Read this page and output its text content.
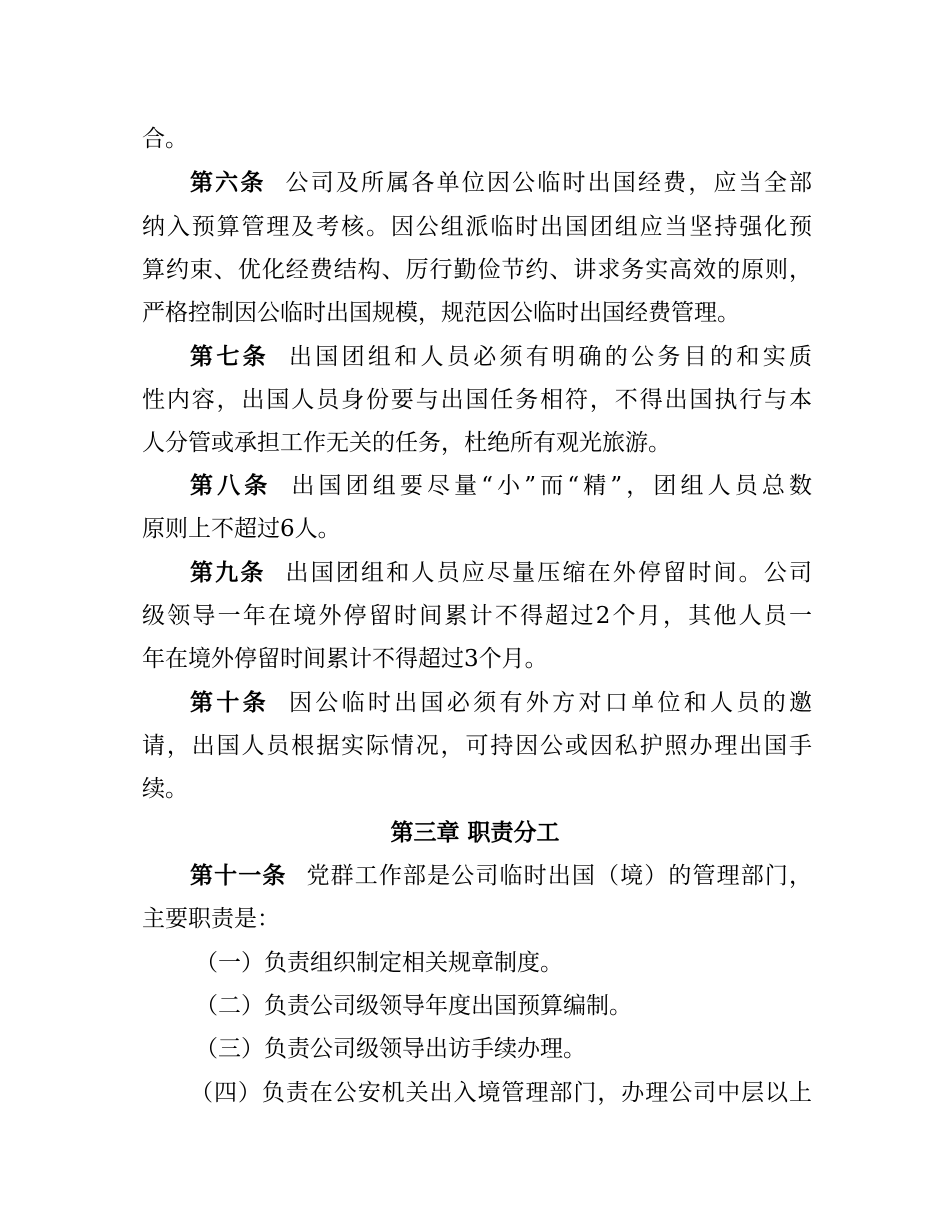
合。
第六条 公司及所属各单位因公临时出国经费，应当全部
纳入预算管理及考核。因公组派临时出国团组应当坚持强化预
算约束、优化经费结构、厉行勤俭节约、讲求务实高效的原则，
严格控制因公临时出国规模，规范因公临时出国经费管理。
第七条 出国团组和人员必须有明确的公务目的和实质
性内容，出国人员身份要与出国任务相符，不得出国执行与本
人分管或承担工作无关的任务，杜绝所有观光旅游。
第八条 出国团组要尽量“小”而“精”，团组人员总数
原则上不超过6人。
第九条 出国团组和人员应尽量压缩在外停留时间。公司
级领导一年在境外停留时间累计不得超过2个月，其他人员一
年在境外停留时间累计不得超过3个月。
第十条 因公临时出国必须有外方对口单位和人员的邀
请，出国人员根据实际情况，可持因公或因私护照办理出国手
续。
第三章 职责分工
第十一条 党群工作部是公司临时出国（境）的管理部门，
主要职责是：
（一）负责组织制定相关规章制度。
（二）负责公司级领导年度出国预算编制。
（三）负责公司级领导出访手续办理。
（四）负责在公安机关出入境管理部门，办理公司中层以上
